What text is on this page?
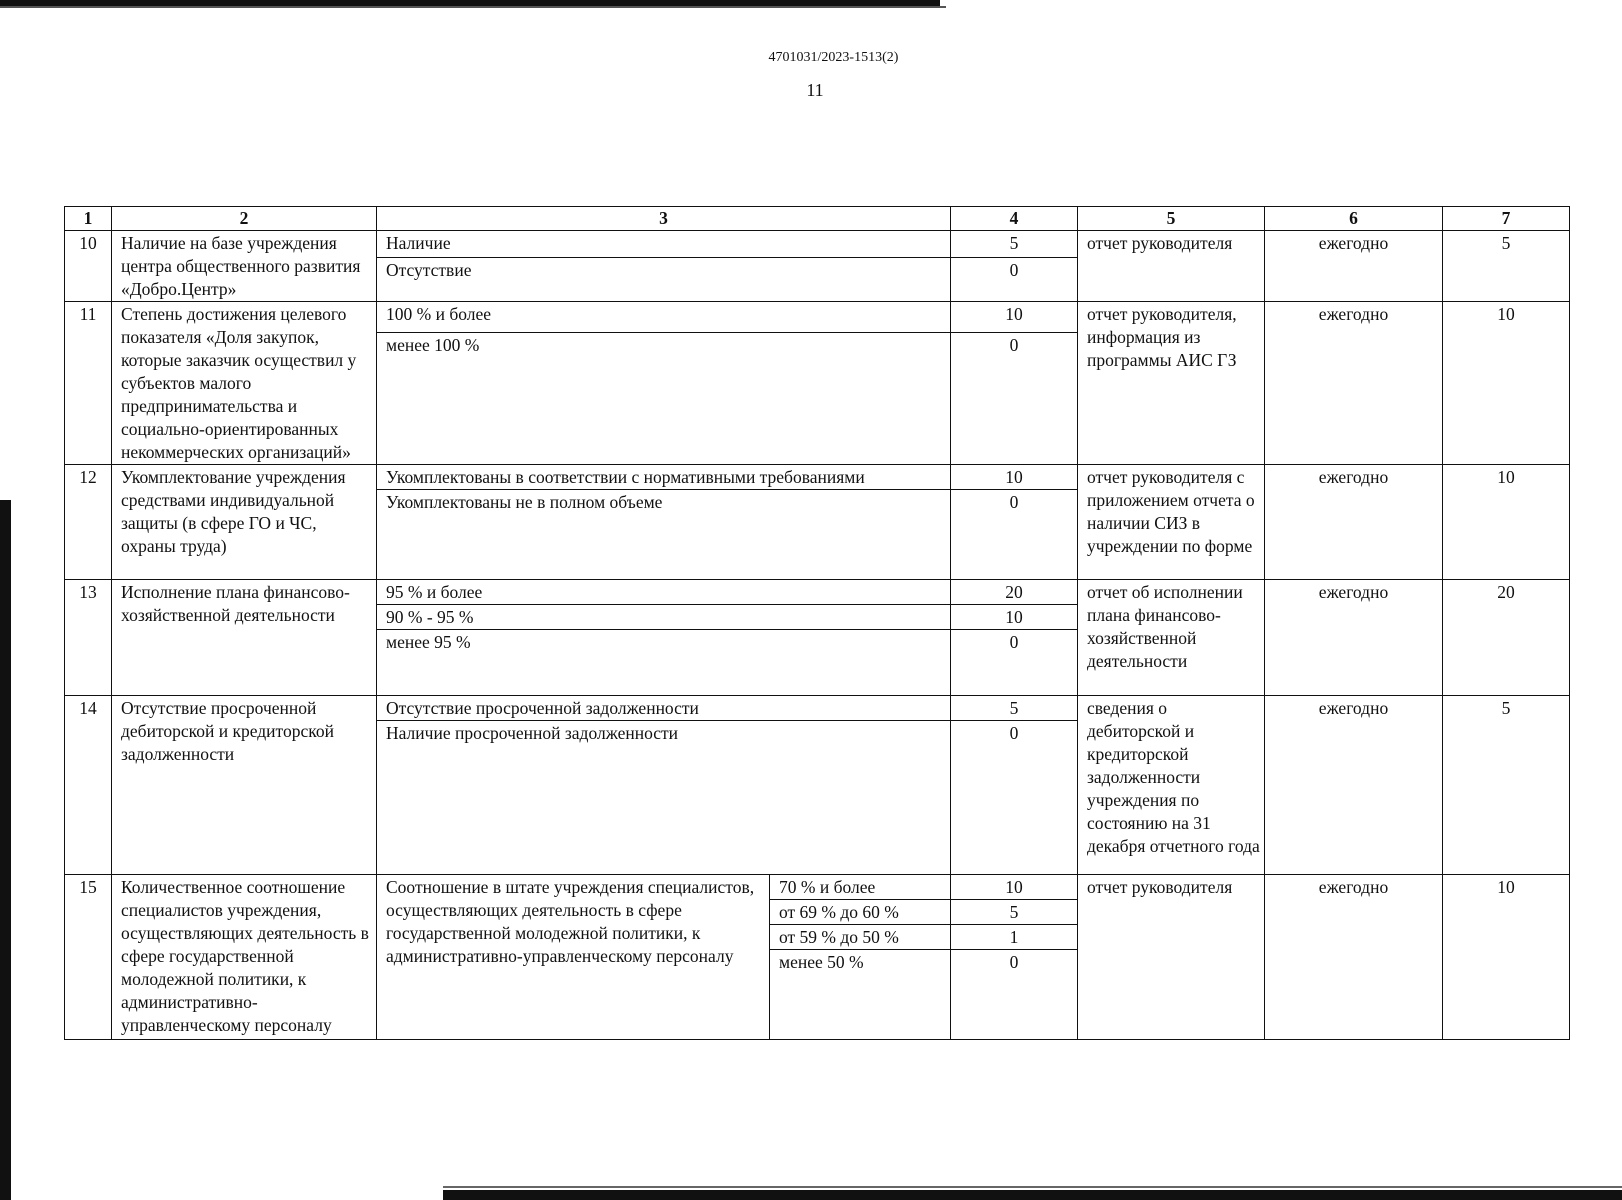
4701031/2023-1513(2)
11
1	2	3		4	5	6	7
10	Наличие на базе учреждения центра общественного развития «Добро.Центр»	Наличие		5	отчет руководителя	ежегодно	5
		Отсутствие		0			
11	Степень достижения целевого показателя «Доля закупок, которые заказчик осуществил у субъектов малого предпринимательства и социально-ориентированных некоммерческих организаций»	100 % и более		10	отчет руководителя, информация из программы АИС ГЗ	ежегодно	10
		менее 100 %		0			
12	Укомплектование учреждения средствами индивидуальной защиты (в сфере ГО и ЧС, охраны труда)	Укомплектованы в соответствии с нормативными требованиями		10	отчет руководителя с приложением отчета о наличии СИЗ в учреждении по форме	ежегодно	10
		Укомплектованы не в полном объеме		0			
13	Исполнение плана финансово-хозяйственной деятельности	95 % и более		20	отчет об исполнении плана финансово-хозяйственной деятельности	ежегодно	20
		90 % - 95 %		10			
		менее 95 %		0			
14	Отсутствие просроченной дебиторской и кредиторской задолженности	Отсутствие просроченной задолженности		5	сведения о дебиторской и кредиторской задолженности учреждения по состоянию на 31 декабря отчетного года	ежегодно	5
		Наличие просроченной задолженности		0			
15	Количественное соотношение специалистов учреждения, осуществляющих деятельность в сфере государственной молодежной политики, к административно-управленческому персоналу	Соотношение в штате учреждения специалистов, осуществляющих деятельность в сфере государственной молодежной политики, к административно-управленческому персоналу	70 % и более	10	отчет руководителя	ежегодно	10
			от 69 % до 60 %	5			
			от 59 % до 50 %	1			
			менее 50 %	0			
